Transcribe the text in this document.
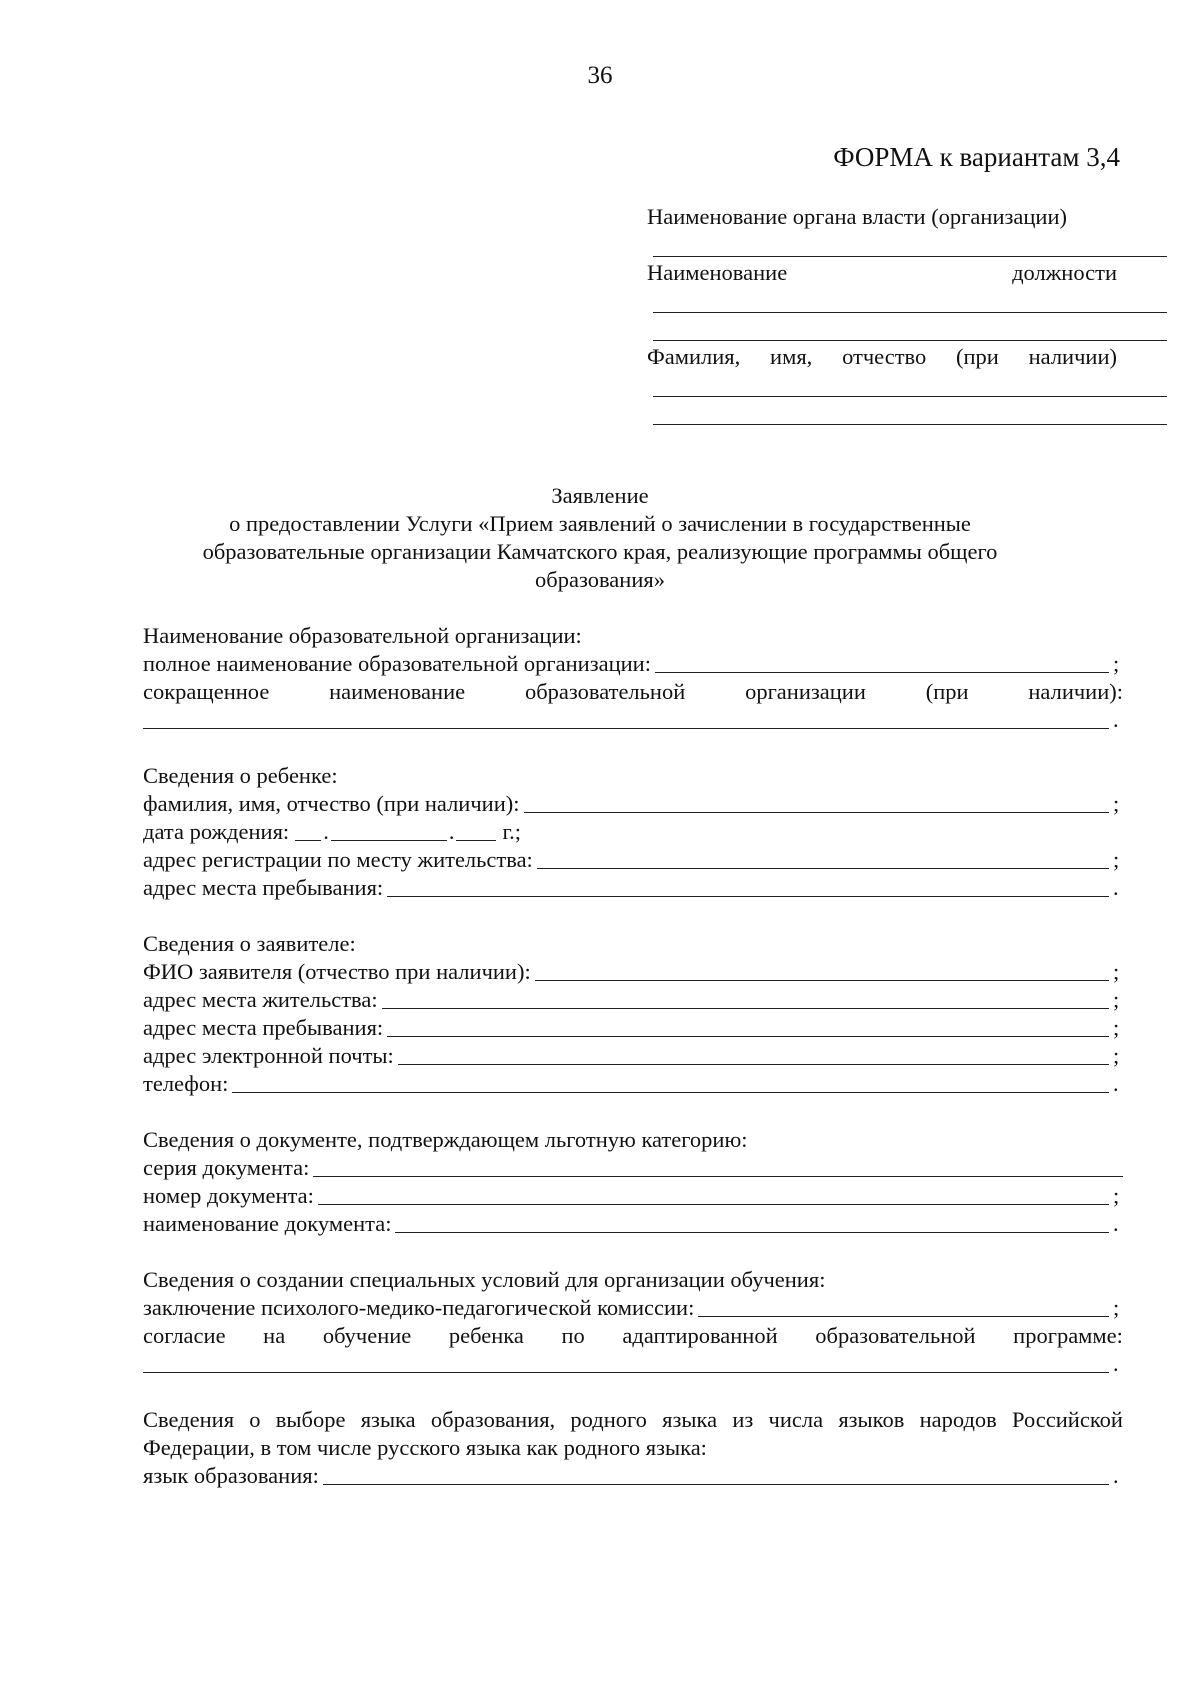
36
ФОРМА к вариантам 3,4
Наименование органа власти (организации)
Наименование	должности
Фамилия, имя, отчество (при наличии)
Заявление
о предоставлении Услуги «Прием заявлений о зачислении в государственные
образовательные организации Камчатского края, реализующие программы общего
образования»
Наименование образовательной организации:
полное наименование образовательной организации:	;
сокращенное	наименование	образовательной	организации	(при	наличии):
.
Сведения о ребенке:
фамилия, имя, отчество (при наличии):	;
дата рождения: .	. г.;
адрес регистрации по месту жительства:	;
адрес места пребывания:	.
Сведения о заявителе:
ФИО заявителя (отчество при наличии):	;
адрес места жительства:	;
адрес места пребывания:	;
адрес электронной почты:	;
телефон:	.
Сведения о документе, подтверждающем льготную категорию:
серия документа:
номер документа:	;
наименование документа:	.
Сведения о создании специальных условий для организации обучения:
заключение психолого-медико-педагогической комиссии:	;
согласие на обучение ребенка по адаптированной образовательной программе:
.
Сведения о выборе языка образования, родного языка из числа языков народов Российской
Федерации, в том числе русского языка как родного языка:
язык образования:	.
